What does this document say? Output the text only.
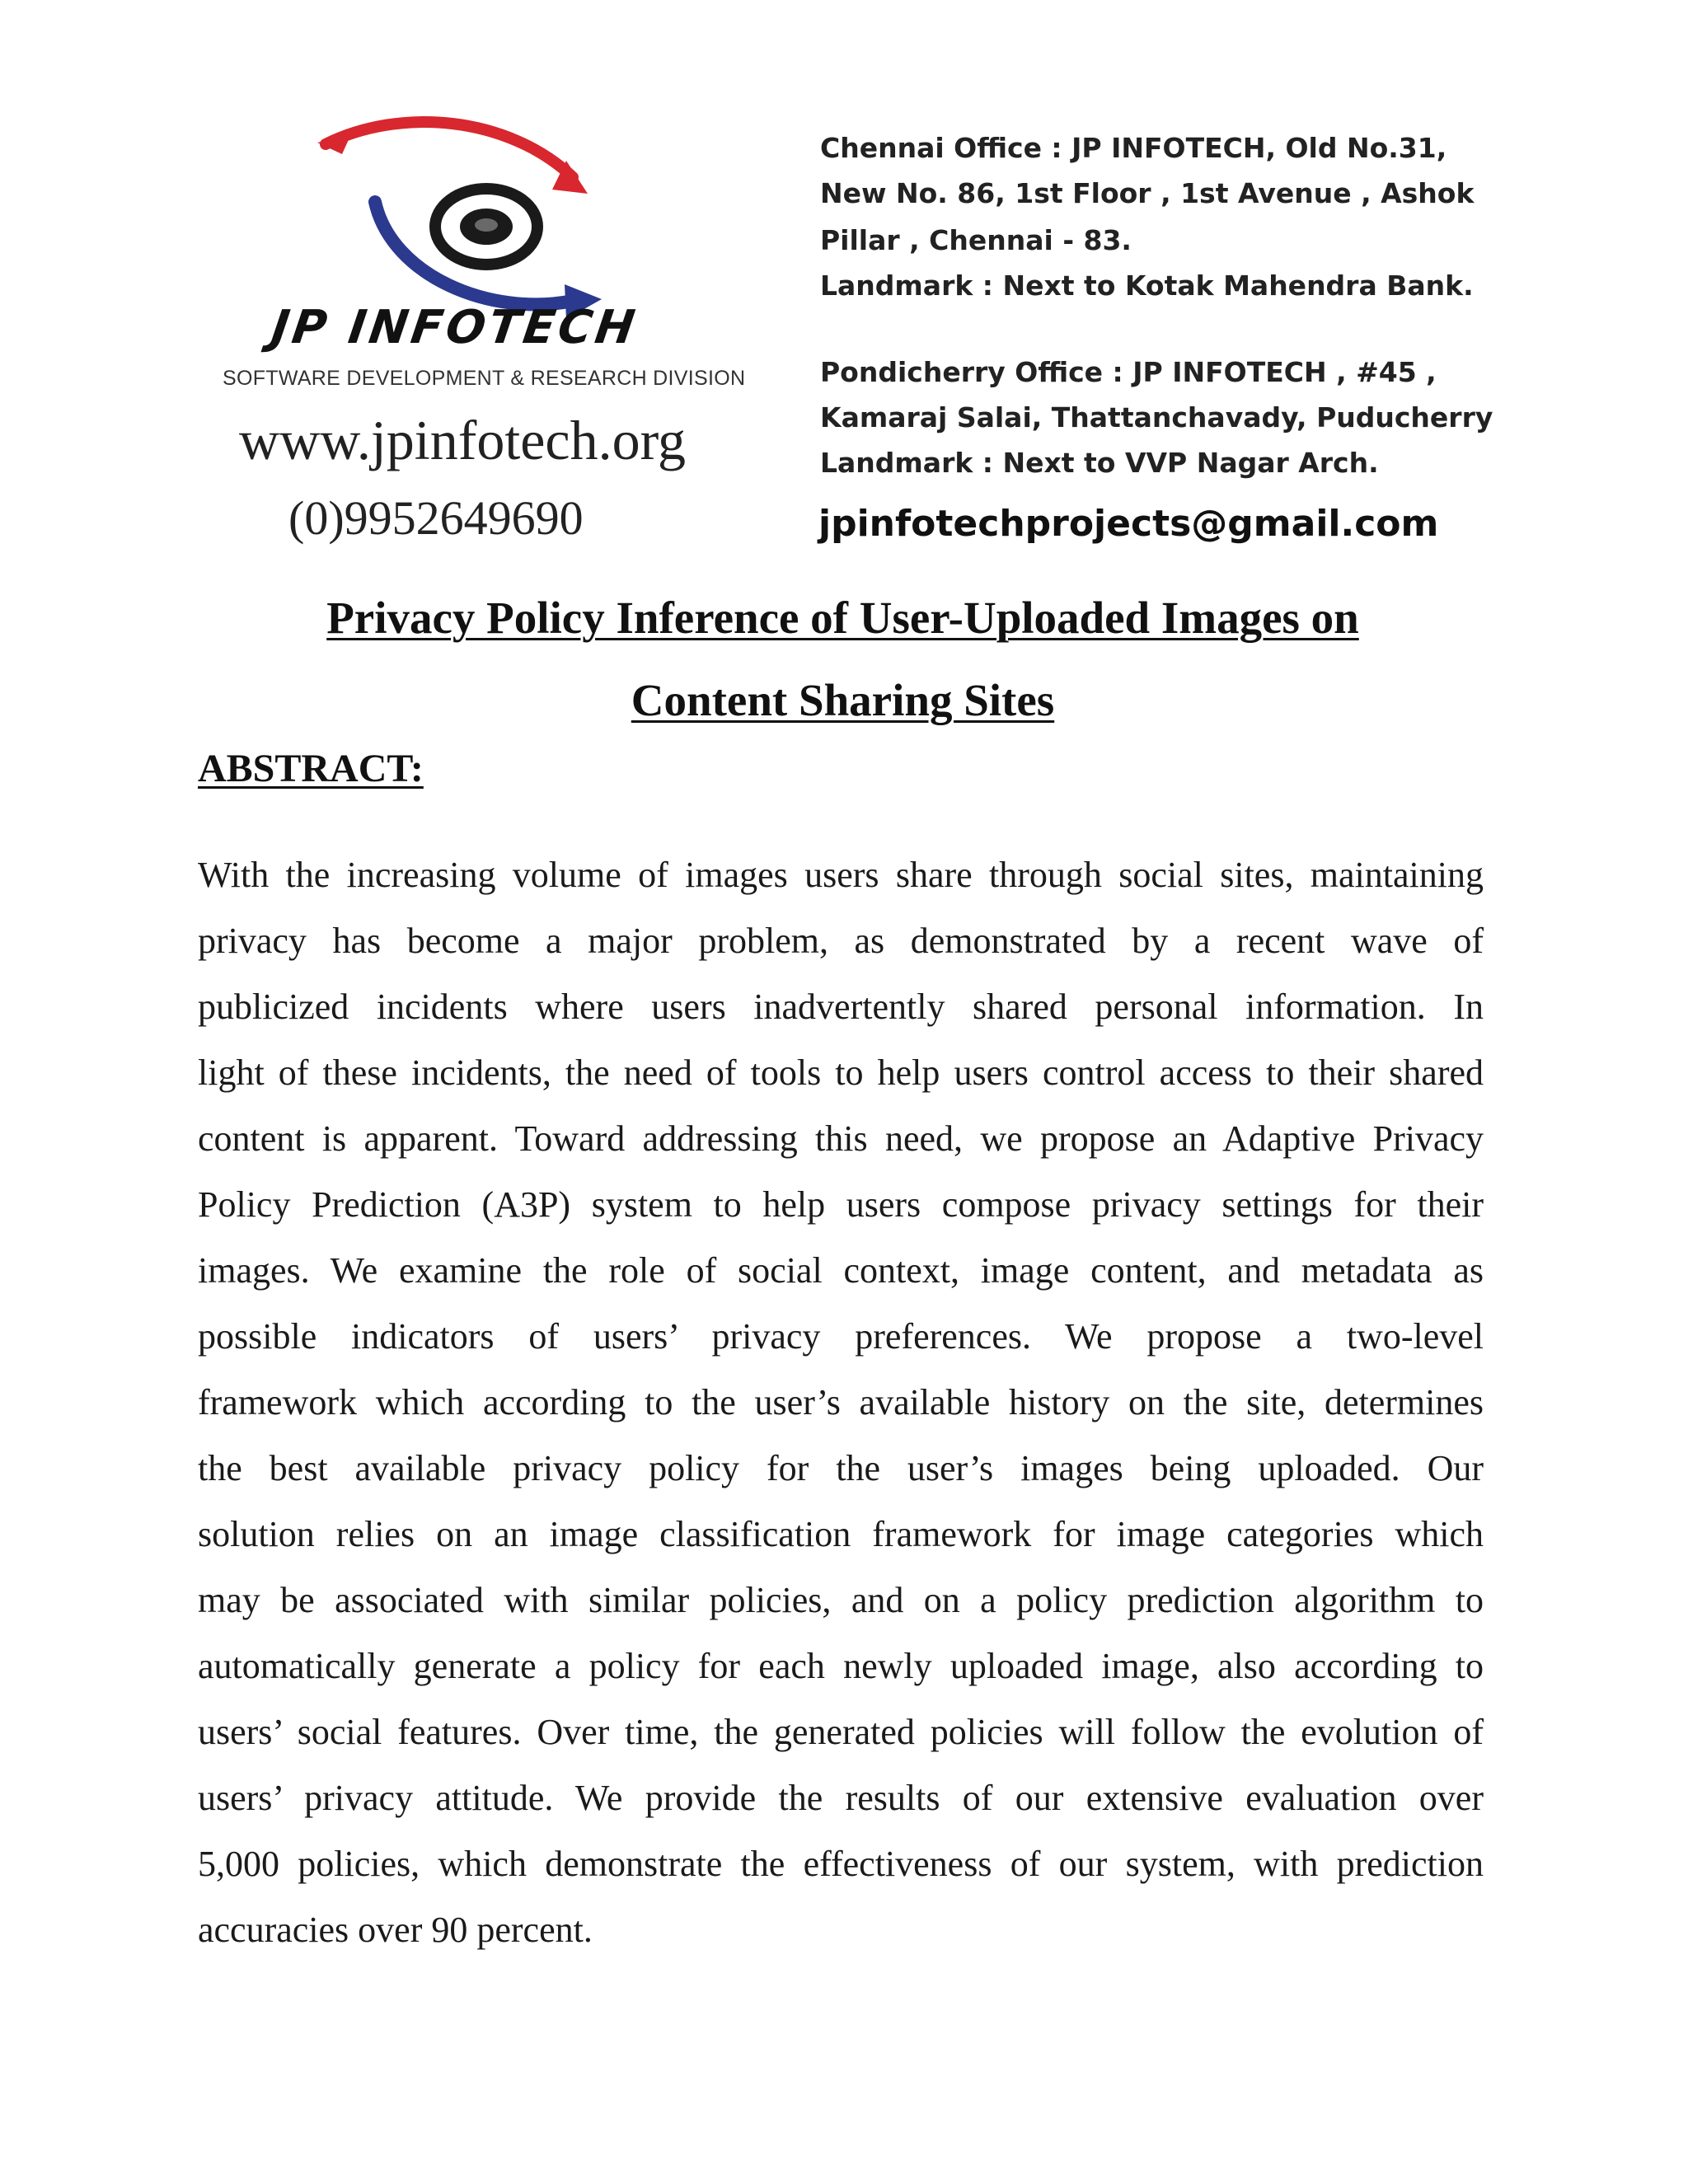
JP INFOTECH
SOFTWARE DEVELOPMENT & RESEARCH DIVISION
www.jpinfotech.org
(0)9952649690
Chennai Office : JP INFOTECH, Old No.31,
New No. 86, 1st Floor , 1st Avenue , Ashok
Pillar , Chennai - 83.
Landmark : Next to Kotak Mahendra Bank.
Pondicherry Office : JP INFOTECH , #45 ,
Kamaraj Salai, Thattanchavady, Puducherry
Landmark : Next to VVP Nagar Arch.
jpinfotechprojects@gmail.com
Privacy Policy Inference of User-Uploaded Images on
Content Sharing Sites
ABSTRACT:
With the increasing volume of images users share through social sites, maintaining
privacy has become a major problem, as demonstrated by a recent wave of
publicized incidents where users inadvertently shared personal information. In
light of these incidents, the need of tools to help users control access to their shared
content is apparent. Toward addressing this need, we propose an Adaptive Privacy
Policy Prediction (A3P) system to help users compose privacy settings for their
images. We examine the role of social context, image content, and metadata as
possible indicators of users’ privacy preferences. We propose a two-level
framework which according to the user’s available history on the site, determines
the best available privacy policy for the user’s images being uploaded. Our
solution relies on an image classification framework for image categories which
may be associated with similar policies, and on a policy prediction algorithm to
automatically generate a policy for each newly uploaded image, also according to
users’ social features. Over time, the generated policies will follow the evolution of
users’ privacy attitude. We provide the results of our extensive evaluation over
5,000 policies, which demonstrate the effectiveness of our system, with prediction
accuracies over 90 percent.
